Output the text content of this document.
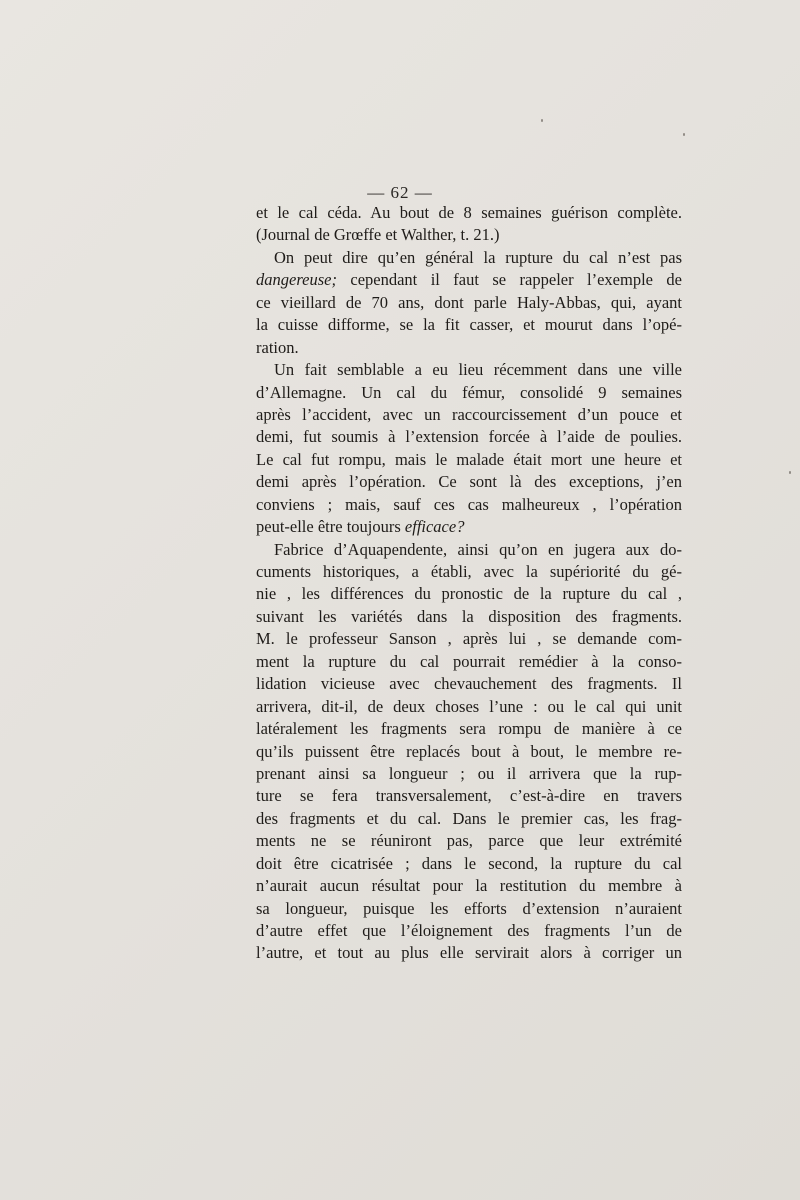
— 62 —
et le cal céda. Au bout de 8 semaines guérison complète.
(Journal de Grœffe et Walther, t. 21.)
On peut dire qu’en général la rupture du cal n’est pas
dangereuse; cependant il faut se rappeler l’exemple de
ce vieillard de 70 ans, dont parle Haly-Abbas, qui, ayant
la cuisse difforme, se la fit casser, et mourut dans l’opé-
ration.
Un fait semblable a eu lieu récemment dans une ville
d’Allemagne. Un cal du fémur, consolidé 9 semaines
après l’accident, avec un raccourcissement d’un pouce et
demi, fut soumis à l’extension forcée à l’aide de poulies.
Le cal fut rompu, mais le malade était mort une heure et
demi après l’opération. Ce sont là des exceptions, j’en
conviens ; mais, sauf ces cas malheureux , l’opération
peut-elle être toujours efficace?
Fabrice d’Aquapendente, ainsi qu’on en jugera aux do-
cuments historiques, a établi, avec la supériorité du gé-
nie , les différences du pronostic de la rupture du cal ,
suivant les variétés dans la disposition des fragments.
M. le professeur Sanson , après lui , se demande com-
ment la rupture du cal pourrait remédier à la conso-
lidation vicieuse avec chevauchement des fragments. Il
arrivera, dit-il, de deux choses l’une : ou le cal qui unit
latéralement les fragments sera rompu de manière à ce
qu’ils puissent être replacés bout à bout, le membre re-
prenant ainsi sa longueur ; ou il arrivera que la rup-
ture se fera transversalement, c’est-à-dire en travers
des fragments et du cal. Dans le premier cas, les frag-
ments ne se réuniront pas, parce que leur extrémité
doit être cicatrisée ; dans le second, la rupture du cal
n’aurait aucun résultat pour la restitution du membre à
sa longueur, puisque les efforts d’extension n’auraient
d’autre effet que l’éloignement des fragments l’un de
l’autre, et tout au plus elle servirait alors à corriger un
